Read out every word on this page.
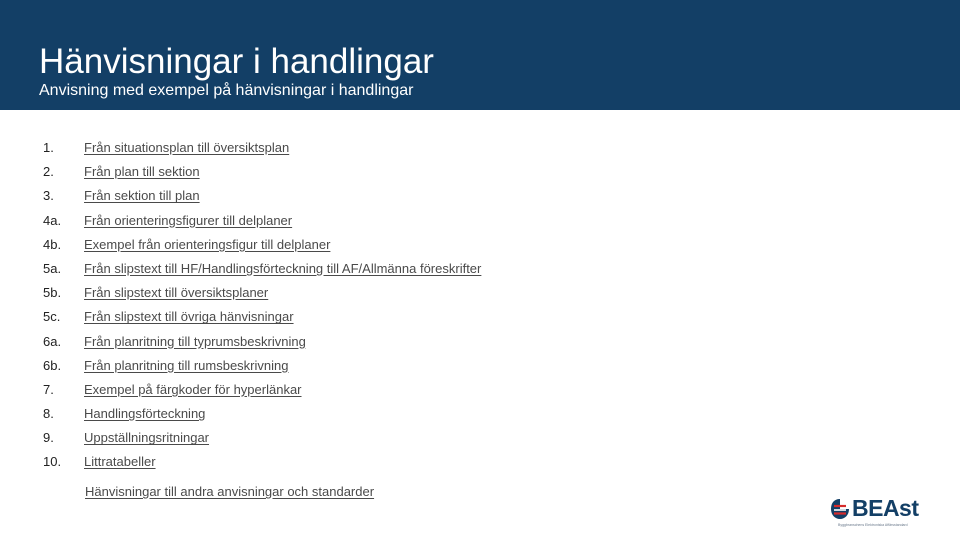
Hänvisningar i handlingar
Anvisning med exempel på hänvisningar i handlingar
1. Från situationsplan till översiktsplan
2. Från plan till sektion
3. Från sektion till plan
4a. Från orienteringsfigurer till delplaner
4b. Exempel från orienteringsfigur till delplaner
5a. Från slipstext till HF/Handlingsförteckning till AF/Allmänna föreskrifter
5b. Från slipstext till översiktsplaner
5c. Från slipstext till övriga hänvisningar
6a. Från planritning till typrumsbeskrivning
6b. Från planritning till rumsbeskrivning
7. Exempel på färgkoder för hyperlänkar
8. Handlingsförteckning
9. Uppställningsritningar
10. Littratabeller
Hänvisningar till andra anvisningar och standarder
BEAst
Byggbranschens Elektroniska Affärsstandard
